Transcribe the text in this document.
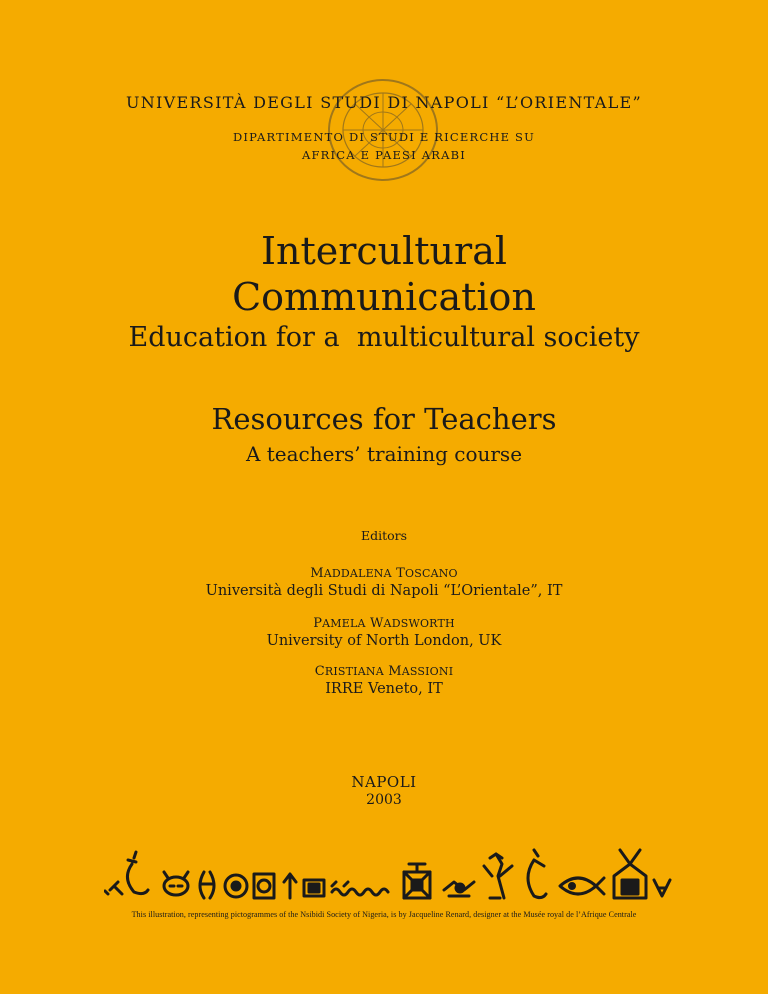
UNIVERSITÀ DEGLI STUDI DI NAPOLI “L’ORIENTALE”
DIPARTIMENTO DI STUDI E RICERCHE SU
AFRICA E PAESI ARABI
Intercultural
Communication
Education for a  multicultural society
Resources for Teachers
A teachers’ training course
Editors
MADDALENA TOSCANO
Università degli Studi di Napoli “L’Orientale”, IT
PAMELA WADSWORTH
University of North London, UK
CRISTIANA MASSIONI
IRRE Veneto, IT
NAPOLI
2003
This illustration, representing pictogrammes of the Nsibidi Society of Nigeria, is by Jacqueline Renard, designer at the Musée royal de l’Afrique Centrale
